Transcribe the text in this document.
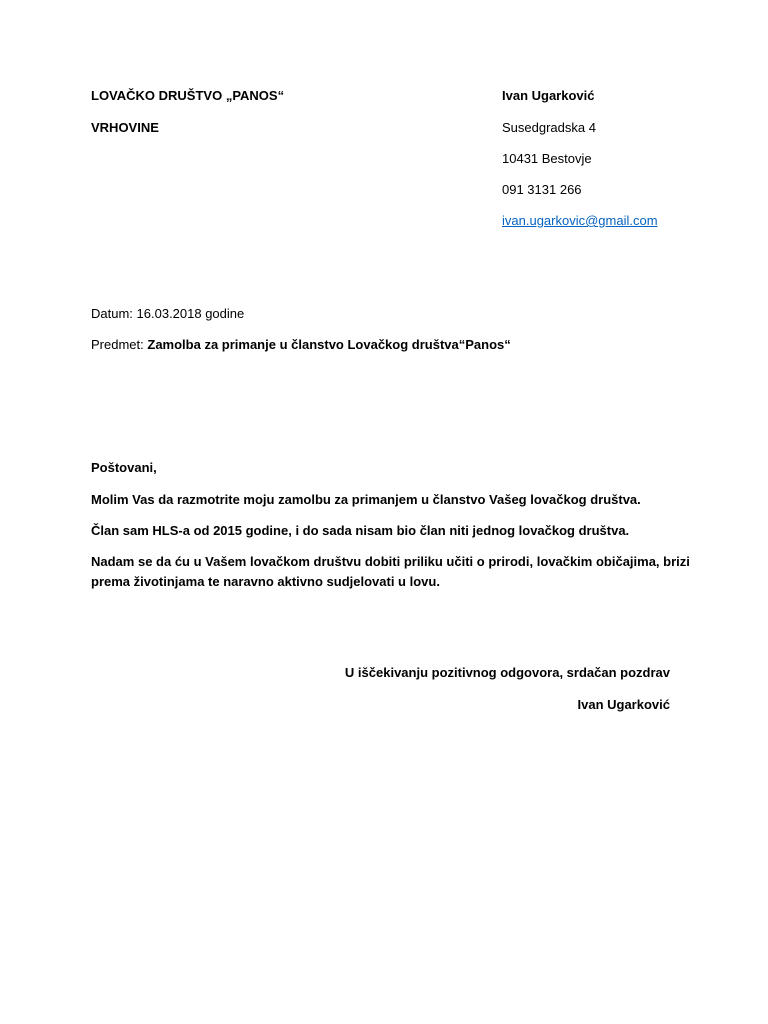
LOVAČKO DRUŠTVO „PANOS“
VRHOVINE
Ivan Ugarković
Susedgradska 4
10431 Bestovje
091 3131 266
ivan.ugarkovic@gmail.com
Datum: 16.03.2018 godine
Predmet: Zamolba za primanje u članstvo Lovačkog društva“Panos“
Poštovani,
Molim Vas da razmotrite moju zamolbu za primanjem u članstvo Vašeg lovačkog društva.
Član sam HLS-a od 2015 godine, i do sada nisam bio član niti jednog lovačkog društva.
Nadam se da ću u Vašem lovačkom društvu dobiti priliku učiti o prirodi, lovačkim običajima, brizi
prema životinjama te naravno aktivno sudjelovati u lovu.
U iščekivanju pozitivnog odgovora, srdačan pozdrav
Ivan Ugarković
